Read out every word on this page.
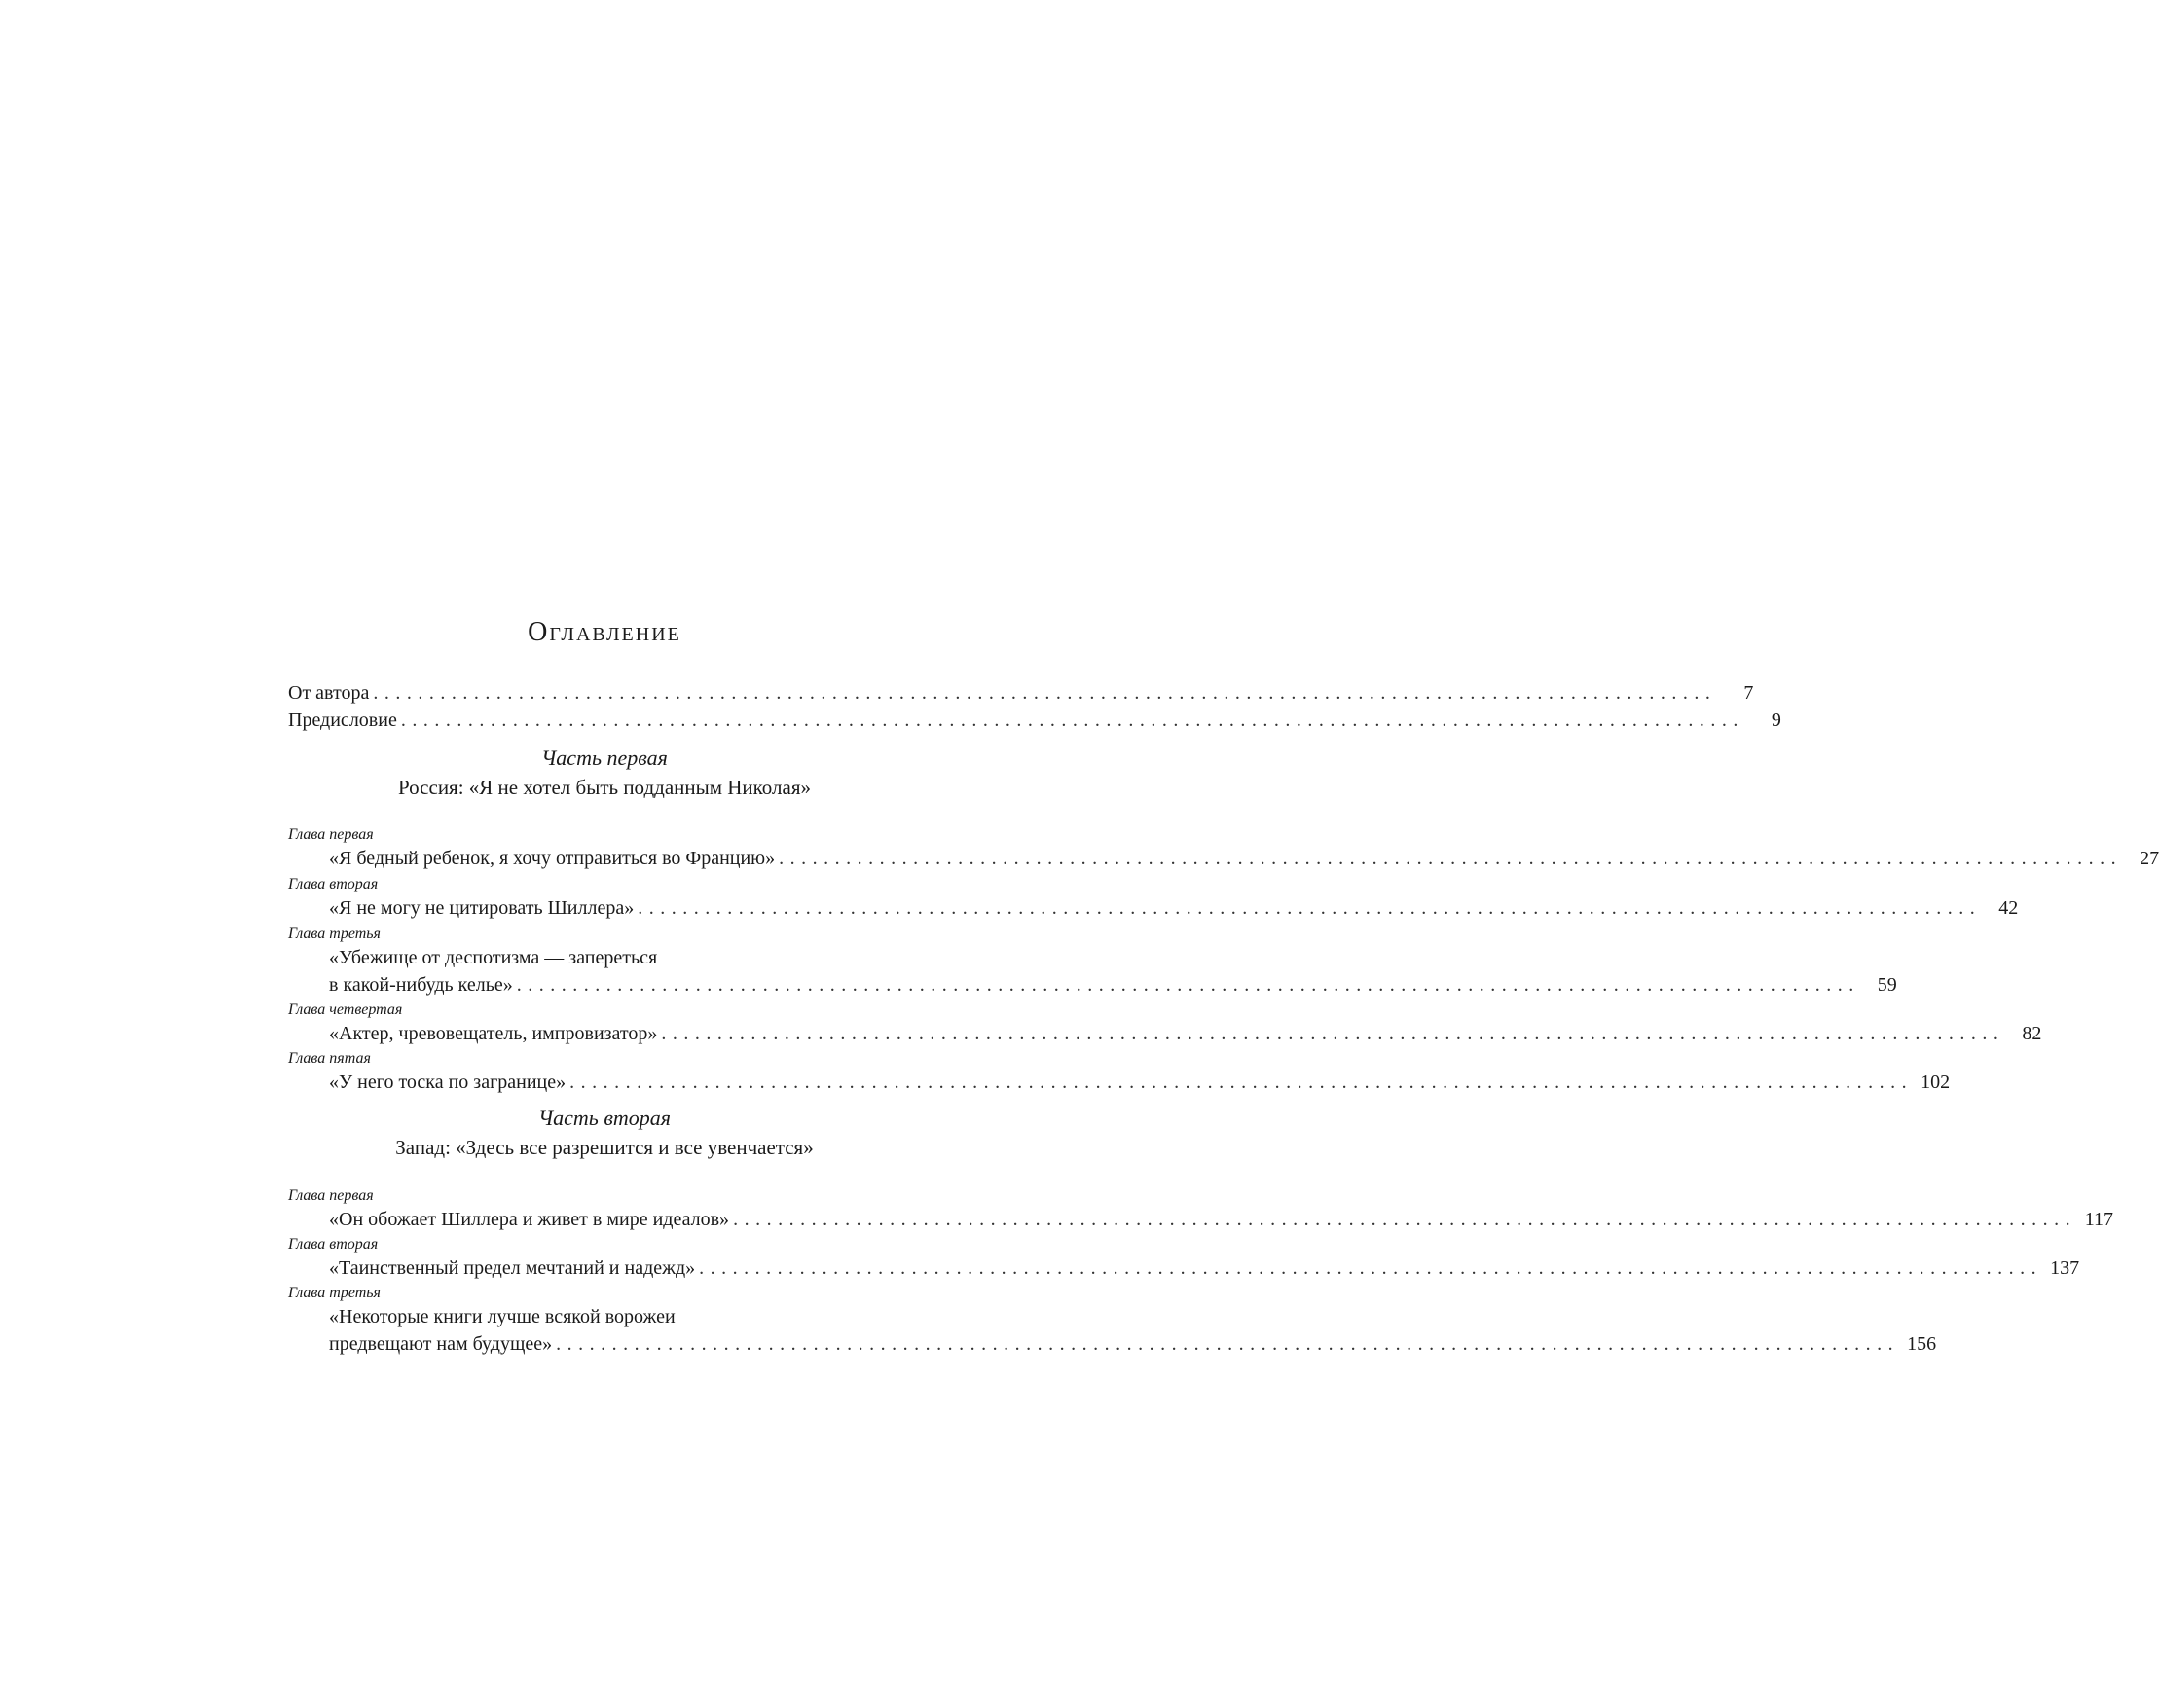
Оглавление
От автора ........................................................................................................................	7
Предисловие ........................................................................................................................	9
Часть первая
Россия: «Я не хотел быть подданным Николая»
Глава первая
«Я бедный ребенок, я хочу отправиться во Францию» ........................................................................................................................ 27
Глава вторая
«Я не могу не цитировать Шиллера» ........................................................................................................................ 42
Глава третья
«Убежище от деспотизма — запереться
в какой-нибудь келье» ........................................................................................................................ 59
Глава четвертая
«Актер, чревовещатель, импровизатор» ........................................................................................................................ 82
Глава пятая
«У него тоска по загранице» ........................................................................................................................ 102
Часть вторая
Запад: «Здесь все разрешится и все увенчается»
Глава первая
«Он обожает Шиллера и живет в мире идеалов» ........................................................................................................................ 117
Глава вторая
«Таинственный предел мечтаний и надежд» ........................................................................................................................ 137
Глава третья
«Некоторые книги лучше всякой ворожеи
предвещают нам будущее» ........................................................................................................................ 156
